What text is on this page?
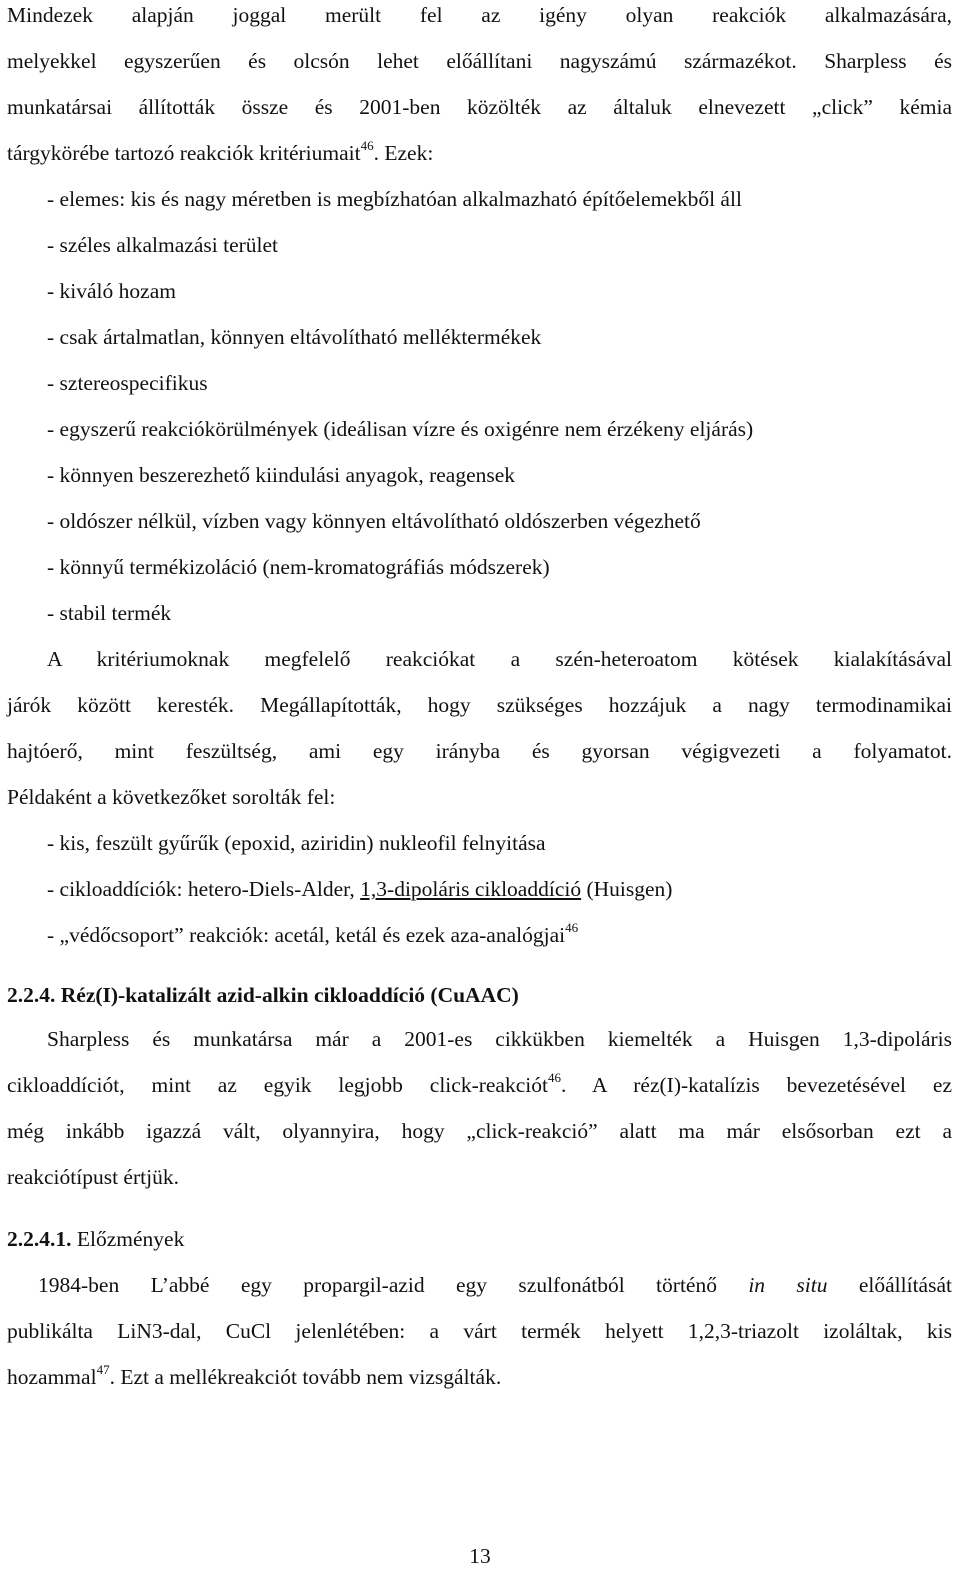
Mindezek alapján joggal merült fel az igény olyan reakciók alkalmazására,
melyekkel egyszerűen és olcsón lehet előállítani nagyszámú származékot. Sharpless és
munkatársai állították össze és 2001-ben közölték az általuk elnevezett „click” kémia
tárgykörébe tartozó reakciók kritériumait$^{46}$. Ezek:
- elemes: kis és nagy méretben is megbízhatóan alkalmazható építőelemekből áll
- széles alkalmazási terület
- kiváló hozam
- csak ártalmatlan, könnyen eltávolítható melléktermékek
- sztereospecifikus
- egyszerű reakciókörülmények (ideálisan vízre és oxigénre nem érzékeny eljárás)
- könnyen beszerezhető kiindulási anyagok, reagensek
- oldószer nélkül, vízben vagy könnyen eltávolítható oldószerben végezhető
- könnyű termékizoláció (nem-kromatográfiás módszerek)
- stabil termék
A kritériumoknak megfelelő reakciókat a szén-heteroatom kötések kialakításával
járók között keresték. Megállapították, hogy szükséges hozzájuk a nagy termodinamikai
hajtóerő, mint feszültség, ami egy irányba és gyorsan végigvezeti a folyamatot.
Példaként a következőket sorolták fel:
- kis, feszült gyűrűk (epoxid, aziridin) nukleofil felnyitása
- cikloaddíciók: hetero-Diels-Alder, 1,3-dipoláris cikloaddíció (Huisgen)
- „védőcsoport” reakciók: acetál, ketál és ezek aza-analógjai$^{46}$
2.2.4. Réz(I)-katalizált azid-alkin cikloaddíció (CuAAC)
Sharpless és munkatársa már a 2001-es cikkükben kiemelték a Huisgen 1,3-dipoláris
cikloaddíciót, mint az egyik legjobb click-reakciót$^{46}$. A réz(I)-katalízis bevezetésével ez
még inkább igazzá vált, olyannyira, hogy „click-reakció” alatt ma már elsősorban ezt a
reakciótípust értjük.
2.2.4.1. Előzmények
1984-ben L’abbé egy propargil-azid egy szulfonátból történő in situ előállítását
publikálta LiN3-dal, CuCl jelenlétében: a várt termék helyett 1,2,3-triazolt izoláltak, kis
hozammal$^{47}$. Ezt a mellékreakciót tovább nem vizsgálták.
13
